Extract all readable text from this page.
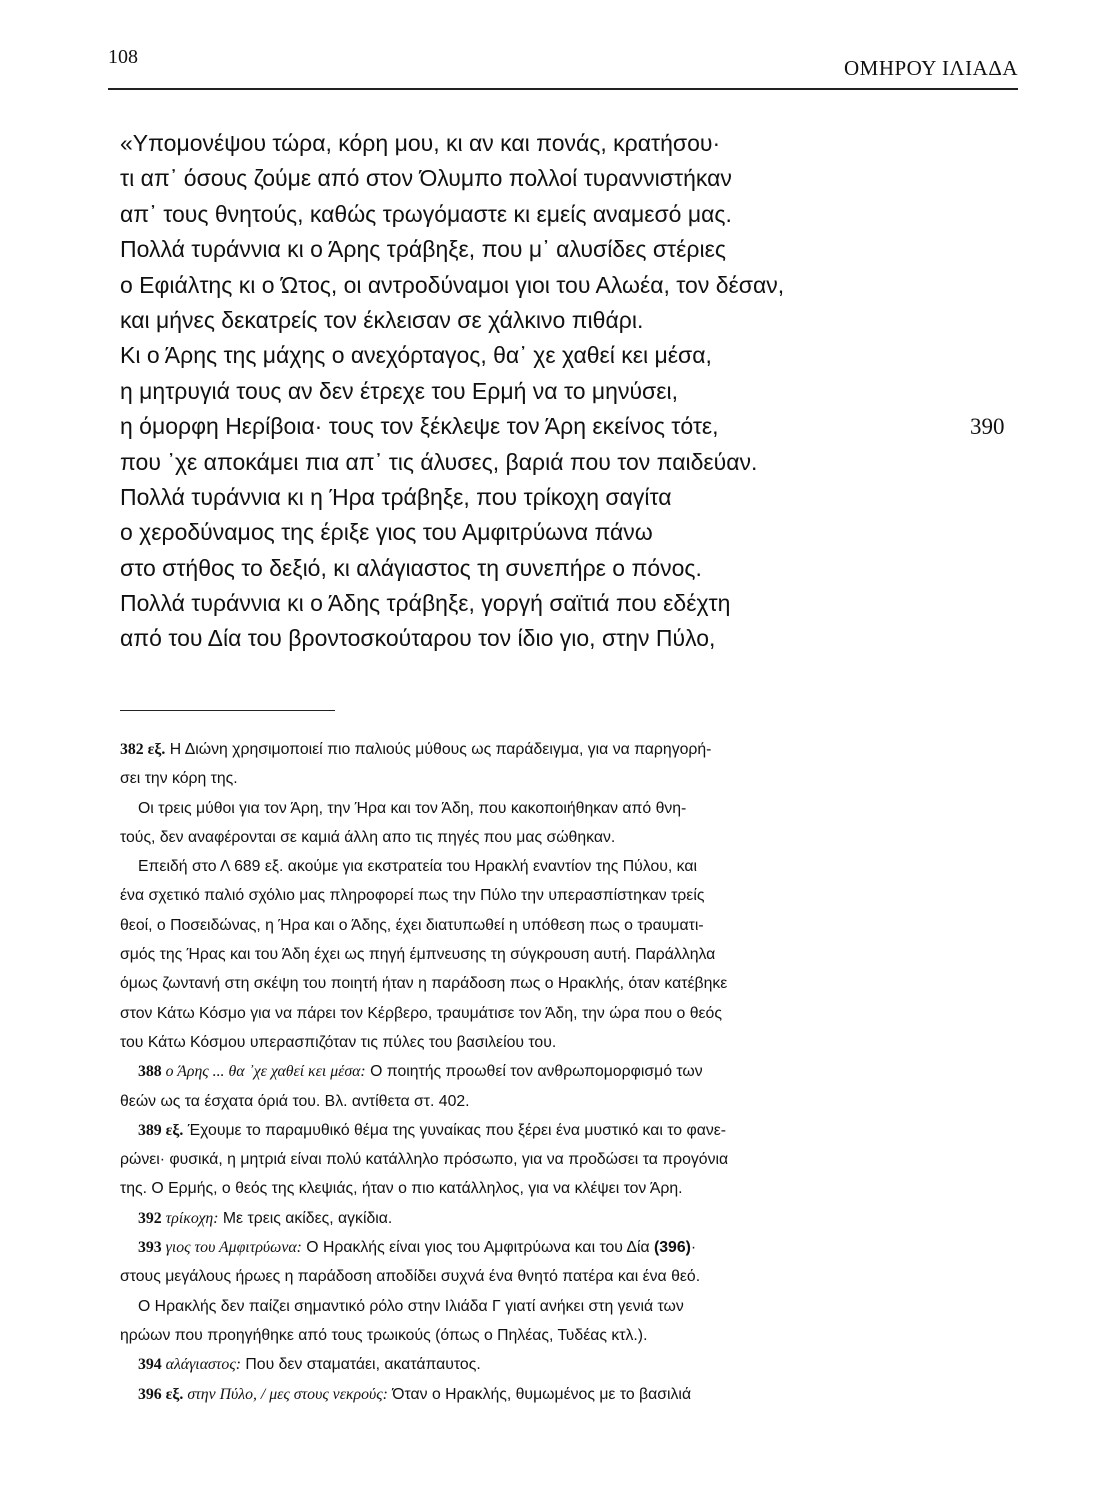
108	ΟΜΗΡΟΥ ΙΛΙΑΔΑ
«Υπομονέψου τώρα, κόρη μου, κι αν και πονάς, κρατήσου·
τι απ᾽ όσους ζούμε από στον Όλυμπο πολλοί τυραννιστήκαν
απ᾽ τους θνητούς, καθώς τρωγόμαστε κι εμείς αναμεσό μας.
Πολλά τυράννια κι ο Άρης τράβηξε, που μ᾽ αλυσίδες στέριες
ο Εφιάλτης κι ο Ώτος, οι αντροδύναμοι γιοι του Αλωέα, τον δέσαν,
και μήνες δεκατρείς τον έκλεισαν σε χάλκινο πιθάρι.
Κι ο Άρης της μάχης ο ανεχόρταγος, θα᾽ χε χαθεί κει μέσα,
η μητρυγιά τους αν δεν έτρεχε του Ερμή να το μηνύσει,
η όμορφη Ηερίβοια· τους τον ξέκλεψε τον Άρη εκείνος τότε,	390
που ᾽χε αποκάμει πια απ᾽ τις άλυσες, βαριά που τον παιδεύαν.
Πολλά τυράννια κι η Ήρα τράβηξε, που τρίκοχη σαγίτα
ο χεροδύναμος της έριξε γιος του Αμφιτρύωνα πάνω
στο στήθος το δεξιό, κι αλάγιαστος τη συνεπήρε ο πόνος.
Πολλά τυράννια κι ο Άδης τράβηξε, γοργή σαϊτιά που εδέχτη
από του Δία του βροντοσκούταρου τον ίδιο γιο, στην Πύλο,

382 εξ. Η Διώνη χρησιμοποιεί πιο παλιούς μύθους ως παράδειγμα, για να παρηγορή-
σει την κόρη της.

Οι τρεις μύθοι για τον Άρη, την Ήρα και τον Άδη, που κακοποιήθηκαν από θνη-
τούς, δεν αναφέρονται σε καμιά άλλη απο τις πηγές που μας σώθηκαν.

Επειδή στο Λ 689 εξ. ακούμε για εκστρατεία του Ηρακλή εναντίον της Πύλου, και
ένα σχετικό παλιό σχόλιο μας πληροφορεί πως την Πύλο την υπερασπίστηκαν τρείς
θεοί, ο Ποσειδώνας, η Ήρα και ο Άδης, έχει διατυπωθεί η υπόθεση πως ο τραυματι-
σμός της Ήρας και του Άδη έχει ως πηγή έμπνευσης τη σύγκρουση αυτή. Παράλληλα
όμως ζωντανή στη σκέψη του ποιητή ήταν η παράδοση πως ο Ηρακλής, όταν κατέβηκε
στον Κάτω Κόσμο για να πάρει τον Κέρβερο, τραυμάτισε τον Άδη, την ώρα που ο θεός
του Κάτω Κόσμου υπερασπιζόταν τις πύλες του βασιλείου του.

388 ο Άρης ... θα ᾽χε χαθεί κει μέσα: Ο ποιητής προωθεί τον ανθρωπομορφισμό των
θεών ως τα έσχατα όριά του. Βλ. αντίθετα στ. 402.

389 εξ. Έχουμε το παραμυθικό θέμα της γυναίκας που ξέρει ένα μυστικό και το φανε-
ρώνει· φυσικά, η μητριά είναι πολύ κατάλληλο πρόσωπο, για να προδώσει τα προγόνια
της. Ο Ερμής, ο θεός της κλεψιάς, ήταν ο πιο κατάλληλος, για να κλέψει τον Άρη.

392 τρίκοχη: Με τρεις ακίδες, αγκίδια.

393 γιος του Αμφιτρύωνα: Ο Ηρακλής είναι γιος του Αμφιτρύωνα και του Δία (396)·
στους μεγάλους ήρωες η παράδοση αποδίδει συχνά ένα θνητό πατέρα και ένα θεό.

Ο Ηρακλής δεν παίζει σημαντικό ρόλο στην Ιλιάδα Γ γιατί ανήκει στη γενιά των
ηρώων που προηγήθηκε από τους τρωικούς (όπως ο Πηλέας, Τυδέας κτλ.).

394 αλάγιαστος: Που δεν σταματάει, ακατάπαυτος.

396 εξ. στην Πύλο, / μες στους νεκρούς: Όταν ο Ηρακλής, θυμωμένος με το βασιλιά
